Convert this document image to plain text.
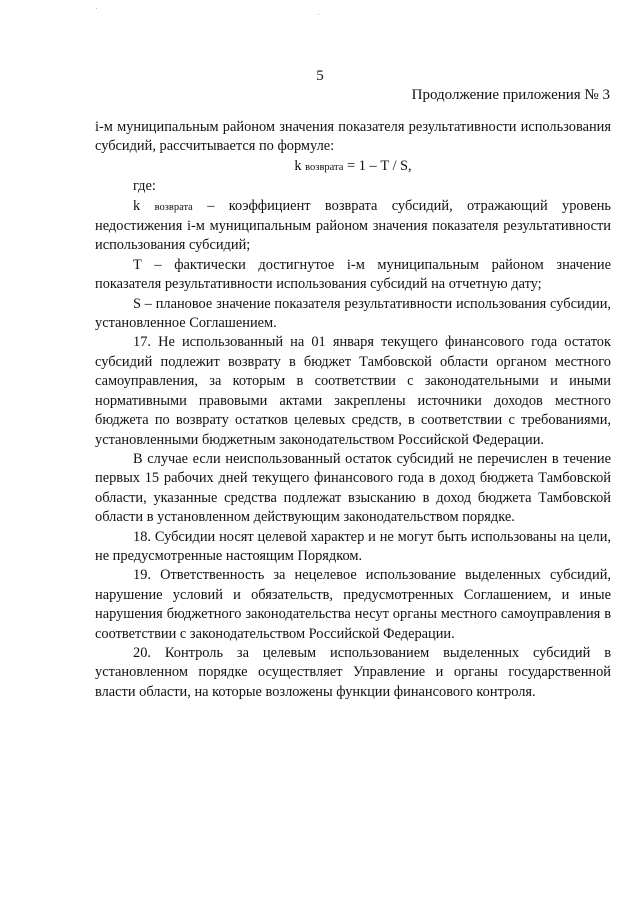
5
Продолжение приложения № 3

i-м муниципальным районом значения показателя результативности использования субсидий, рассчитывается по формуле:

k возврата = 1 – T / S,

где:

k возврата – коэффициент возврата субсидий, отражающий уровень недостижения i-м муниципальным районом значения показателя результативности использования субсидий;

Т – фактически достигнутое i-м муниципальным районом значение показателя результативности использования субсидий на отчетную дату;

S – плановое значение показателя результативности использования субсидии, установленное Соглашением.

17. Не использованный на 01 января текущего финансового года остаток субсидий подлежит возврату в бюджет Тамбовской области органом местного самоуправления, за которым в соответствии с законодательными и иными нормативными правовыми актами закреплены источники доходов местного бюджета по возврату остатков целевых средств, в соответствии с требованиями, установленными бюджетным законодательством Российской Федерации.

В случае если неиспользованный остаток субсидий не перечислен в течение первых 15 рабочих дней текущего финансового года в доход бюджета Тамбовской области, указанные средства подлежат взысканию в доход бюджета Тамбовской области в установленном действующим законодательством порядке.

18. Субсидии носят целевой характер и не могут быть использованы на цели, не предусмотренные настоящим Порядком.

19. Ответственность за нецелевое использование выделенных субсидий, нарушение условий и обязательств, предусмотренных Соглашением, и иные нарушения бюджетного законодательства несут органы местного самоуправления в соответствии с законодательством Российской Федерации.

20. Контроль за целевым использованием выделенных субсидий в установленном порядке осуществляет Управление и органы государственной власти области, на которые возложены функции финансового контроля.
